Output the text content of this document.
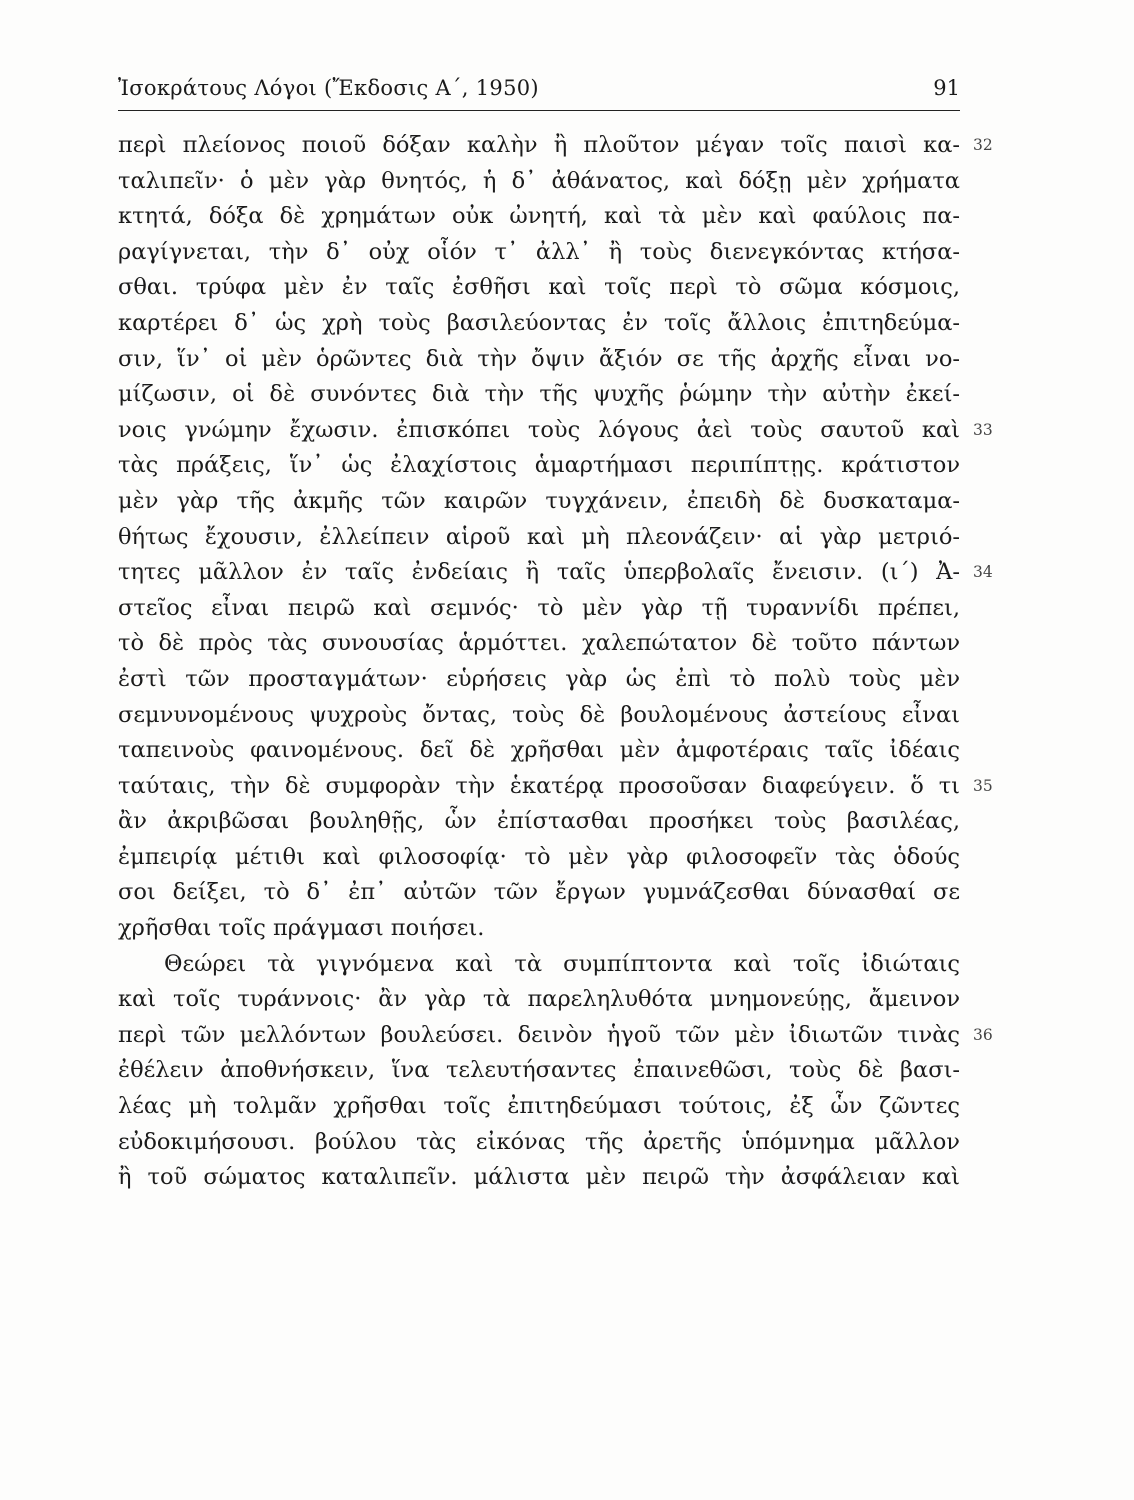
Ἰσοκράτους Λόγοι (Ἔκδοσις Α΄, 1950)	91
περὶ πλείονος ποιοῦ δόξαν καλὴν ἢ πλοῦτον μέγαν τοῖς παισὶ κα- 32
ταλιπεῖν· ὁ μὲν γὰρ θνητός, ἡ δ᾽ ἀθάνατος, καὶ δόξῃ μὲν χρήματα
κτητά, δόξα δὲ χρημάτων οὐκ ὠνητή, καὶ τὰ μὲν καὶ φαύλοις πα-
ραγίγνεται, τὴν δ᾽ οὐχ οἷόν τ᾽ ἀλλ᾽ ἢ τοὺς διενεγκόντας κτήσα-
σθαι. τρύφα μὲν ἐν ταῖς ἐσθῆσι καὶ τοῖς περὶ τὸ σῶμα κόσμοις,
καρτέρει δ᾽ ὡς χρὴ τοὺς βασιλεύοντας ἐν τοῖς ἄλλοις ἐπιτηδεύμα-
σιν, ἵν᾽ οἱ μὲν ὁρῶντες διὰ τὴν ὄψιν ἄξιόν σε τῆς ἀρχῆς εἶναι νο-
μίζωσιν, οἱ δὲ συνόντες διὰ τὴν τῆς ψυχῆς ῥώμην τὴν αὐτὴν ἐκεί-
νοις γνώμην ἔχωσιν. ἐπισκόπει τοὺς λόγους ἀεὶ τοὺς σαυτοῦ καὶ 33
τὰς πράξεις, ἵν᾽ ὡς ἐλαχίστοις ἁμαρτήμασι περιπίπτῃς. κράτιστον
μὲν γὰρ τῆς ἀκμῆς τῶν καιρῶν τυγχάνειν, ἐπειδὴ δὲ δυσκαταμα-
θήτως ἔχουσιν, ἐλλείπειν αἱροῦ καὶ μὴ πλεονάζειν· αἱ γὰρ μετριό-
τητες μᾶλλον ἐν ταῖς ἐνδείαις ἢ ταῖς ὑπερβολαῖς ἔνεισιν. (ι΄) Ἀ- 34
στεῖος εἶναι πειρῶ καὶ σεμνός· τὸ μὲν γὰρ τῇ τυραννίδι πρέπει,
τὸ δὲ πρὸς τὰς συνουσίας ἁρμόττει. χαλεπώτατον δὲ τοῦτο πάντων
ἐστὶ τῶν προσταγμάτων· εὑρήσεις γὰρ ὡς ἐπὶ τὸ πολὺ τοὺς μὲν
σεμνυνομένους ψυχροὺς ὄντας, τοὺς δὲ βουλομένους ἀστείους εἶναι
ταπεινοὺς φαινομένους. δεῖ δὲ χρῆσθαι μὲν ἀμφοτέραις ταῖς ἰδέαις
ταύταις, τὴν δὲ συμφορὰν τὴν ἑκατέρᾳ προσοῦσαν διαφεύγειν. ὅ τι 35
ἂν ἀκριβῶσαι βουληθῇς, ὧν ἐπίστασθαι προσήκει τοὺς βασιλέας,
ἐμπειρίᾳ μέτιθι καὶ φιλοσοφίᾳ· τὸ μὲν γὰρ φιλοσοφεῖν τὰς ὁδούς
σοι δείξει, τὸ δ᾽ ἐπ᾽ αὐτῶν τῶν ἔργων γυμνάζεσθαι δύνασθαί σε
χρῆσθαι τοῖς πράγμασι ποιήσει.
Θεώρει τὰ γιγνόμενα καὶ τὰ συμπίπτοντα καὶ τοῖς ἰδιώταις
καὶ τοῖς τυράννοις· ἂν γὰρ τὰ παρεληλυθότα μνημονεύῃς, ἄμεινον
περὶ τῶν μελλόντων βουλεύσει. δεινὸν ἡγοῦ τῶν μὲν ἰδιωτῶν τινὰς 36
ἐθέλειν ἀποθνήσκειν, ἵνα τελευτήσαντες ἐπαινεθῶσι, τοὺς δὲ βασι-
λέας μὴ τολμᾶν χρῆσθαι τοῖς ἐπιτηδεύμασι τούτοις, ἐξ ὧν ζῶντες
εὐδοκιμήσουσι. βούλου τὰς εἰκόνας τῆς ἀρετῆς ὑπόμνημα μᾶλλον
ἢ τοῦ σώματος καταλιπεῖν. μάλιστα μὲν πειρῶ τὴν ἀσφάλειαν καὶ
